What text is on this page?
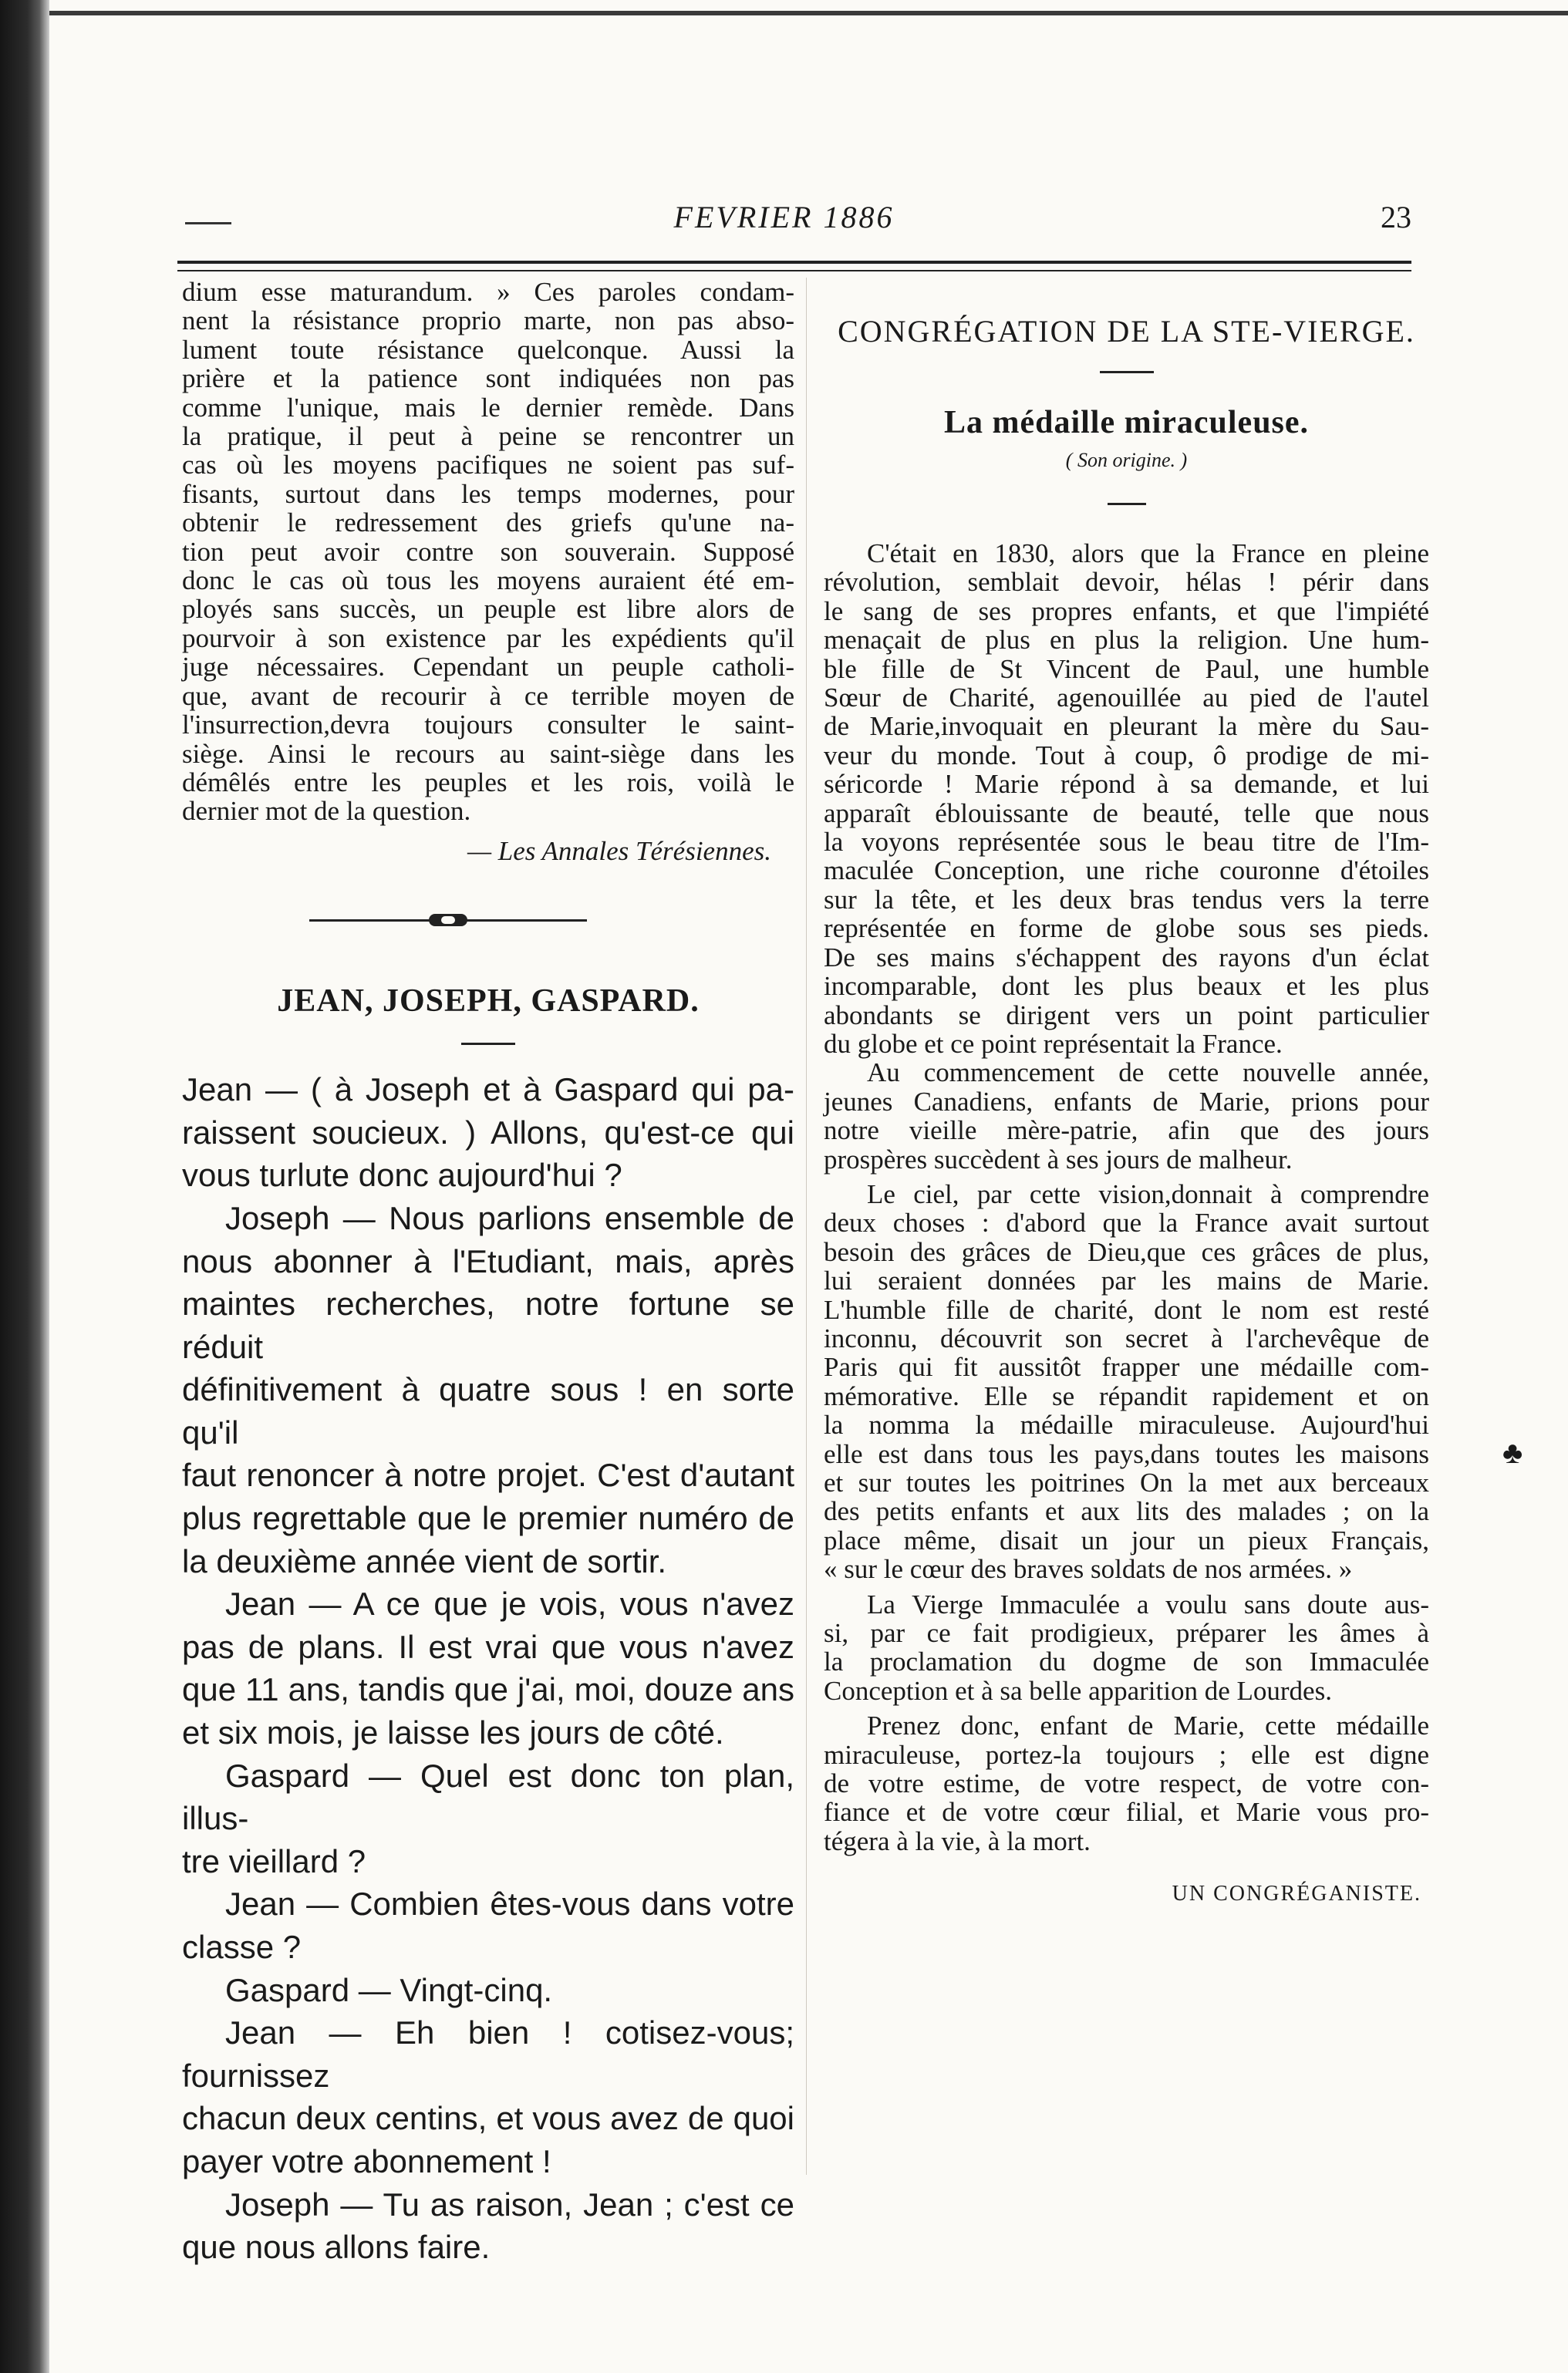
FEVRIER 1886	23

dium esse maturandum. » Ces paroles condam-

nent la résistance proprio marte, non pas abso-

lument toute résistance quelconque. Aussi la

prière et la patience sont indiquées non pas

comme l'unique, mais le dernier remède. Dans

la pratique, il peut à peine se rencontrer un

cas où les moyens pacifiques ne soient pas suf-

fisants, surtout dans les temps modernes, pour

obtenir le redressement des griefs qu'une na-

tion peut avoir contre son souverain. Supposé

donc le cas où tous les moyens auraient été em-

ployés sans succès, un peuple est libre alors de

pourvoir à son existence par les expédients qu'il

juge nécessaires. Cependant un peuple catholi-

que, avant de recourir à ce terrible moyen de

l'insurrection,devra toujours consulter le saint-

siège. Ainsi le recours au saint-siège dans les

démêlés entre les peuples et les rois, voilà le

dernier mot de la question.

— Les Annales Térésiennes.

JEAN, JOSEPH, GASPARD.

Jean — ( à Joseph et à Gaspard qui pa-

raissent soucieux. ) Allons, qu'est-ce qui

vous turlute donc aujourd'hui ?

Joseph — Nous parlions ensemble de

nous abonner à l'Etudiant, mais, après

maintes recherches, notre fortune se réduit

définitivement à quatre sous ! en sorte qu'il

faut renoncer à notre projet. C'est d'autant

plus regrettable que le premier numéro de

la deuxième année vient de sortir.

Jean — A ce que je vois, vous n'avez

pas de plans. Il est vrai que vous n'avez

que 11 ans, tandis que j'ai, moi, douze ans

et six mois, je laisse les jours de côté.

Gaspard — Quel est donc ton plan, illus-

tre vieillard ?

Jean — Combien êtes-vous dans votre

classe ?

Gaspard — Vingt-cinq.

Jean — Eh bien ! cotisez-vous; fournissez

chacun deux centins, et vous avez de quoi

payer votre abonnement !

Joseph — Tu as raison, Jean ; c'est ce

que nous allons faire.

CONGRÉGATION DE LA STE-VIERGE.

La médaille miraculeuse.

( Son origine. )

C'était en 1830, alors que la France en pleine

révolution, semblait devoir, hélas ! périr dans

le sang de ses propres enfants, et que l'impiété

menaçait de plus en plus la religion. Une hum-

ble fille de St Vincent de Paul, une humble

Sœur de Charité, agenouillée au pied de l'autel

de Marie,invoquait en pleurant la mère du Sau-

veur du monde. Tout à coup, ô prodige de mi-

séricorde ! Marie répond à sa demande, et lui

apparaît éblouissante de beauté, telle que nous

la voyons représentée sous le beau titre de l'Im-

maculée Conception, une riche couronne d'étoiles

sur la tête, et les deux bras tendus vers la terre

représentée en forme de globe sous ses pieds.

De ses mains s'échappent des rayons d'un éclat

incomparable, dont les plus beaux et les plus

abondants se dirigent vers un point particulier

du globe et ce point représentait la France.

Au commencement de cette nouvelle année,

jeunes Canadiens, enfants de Marie, prions pour

notre vieille mère-patrie, afin que des jours

prospères succèdent à ses jours de malheur.

Le ciel, par cette vision,donnait à comprendre

deux choses : d'abord que la France avait surtout

besoin des grâces de Dieu,que ces grâces de plus,

lui seraient données par les mains de Marie.

L'humble fille de charité, dont le nom est resté

inconnu, découvrit son secret à l'archevêque de

Paris qui fit aussitôt frapper une médaille com-

mémorative. Elle se répandit rapidement et on

la nomma la médaille miraculeuse. Aujourd'hui

elle est dans tous les pays,dans toutes les maisons

et sur toutes les poitrines On la met aux berceaux

des petits enfants et aux lits des malades ; on la

place même, disait un jour un pieux Français,

« sur le cœur des braves soldats de nos armées. »

La Vierge Immaculée a voulu sans doute aus-

si, par ce fait prodigieux, préparer les âmes à

la proclamation du dogme de son Immaculée

Conception et à sa belle apparition de Lourdes.

Prenez donc, enfant de Marie, cette médaille

miraculeuse, portez-la toujours ; elle est digne

de votre estime, de votre respect, de votre con-

fiance et de votre cœur filial, et Marie vous pro-

tégera à la vie, à la mort.

UN CONGRÉGANISTE.

♣
